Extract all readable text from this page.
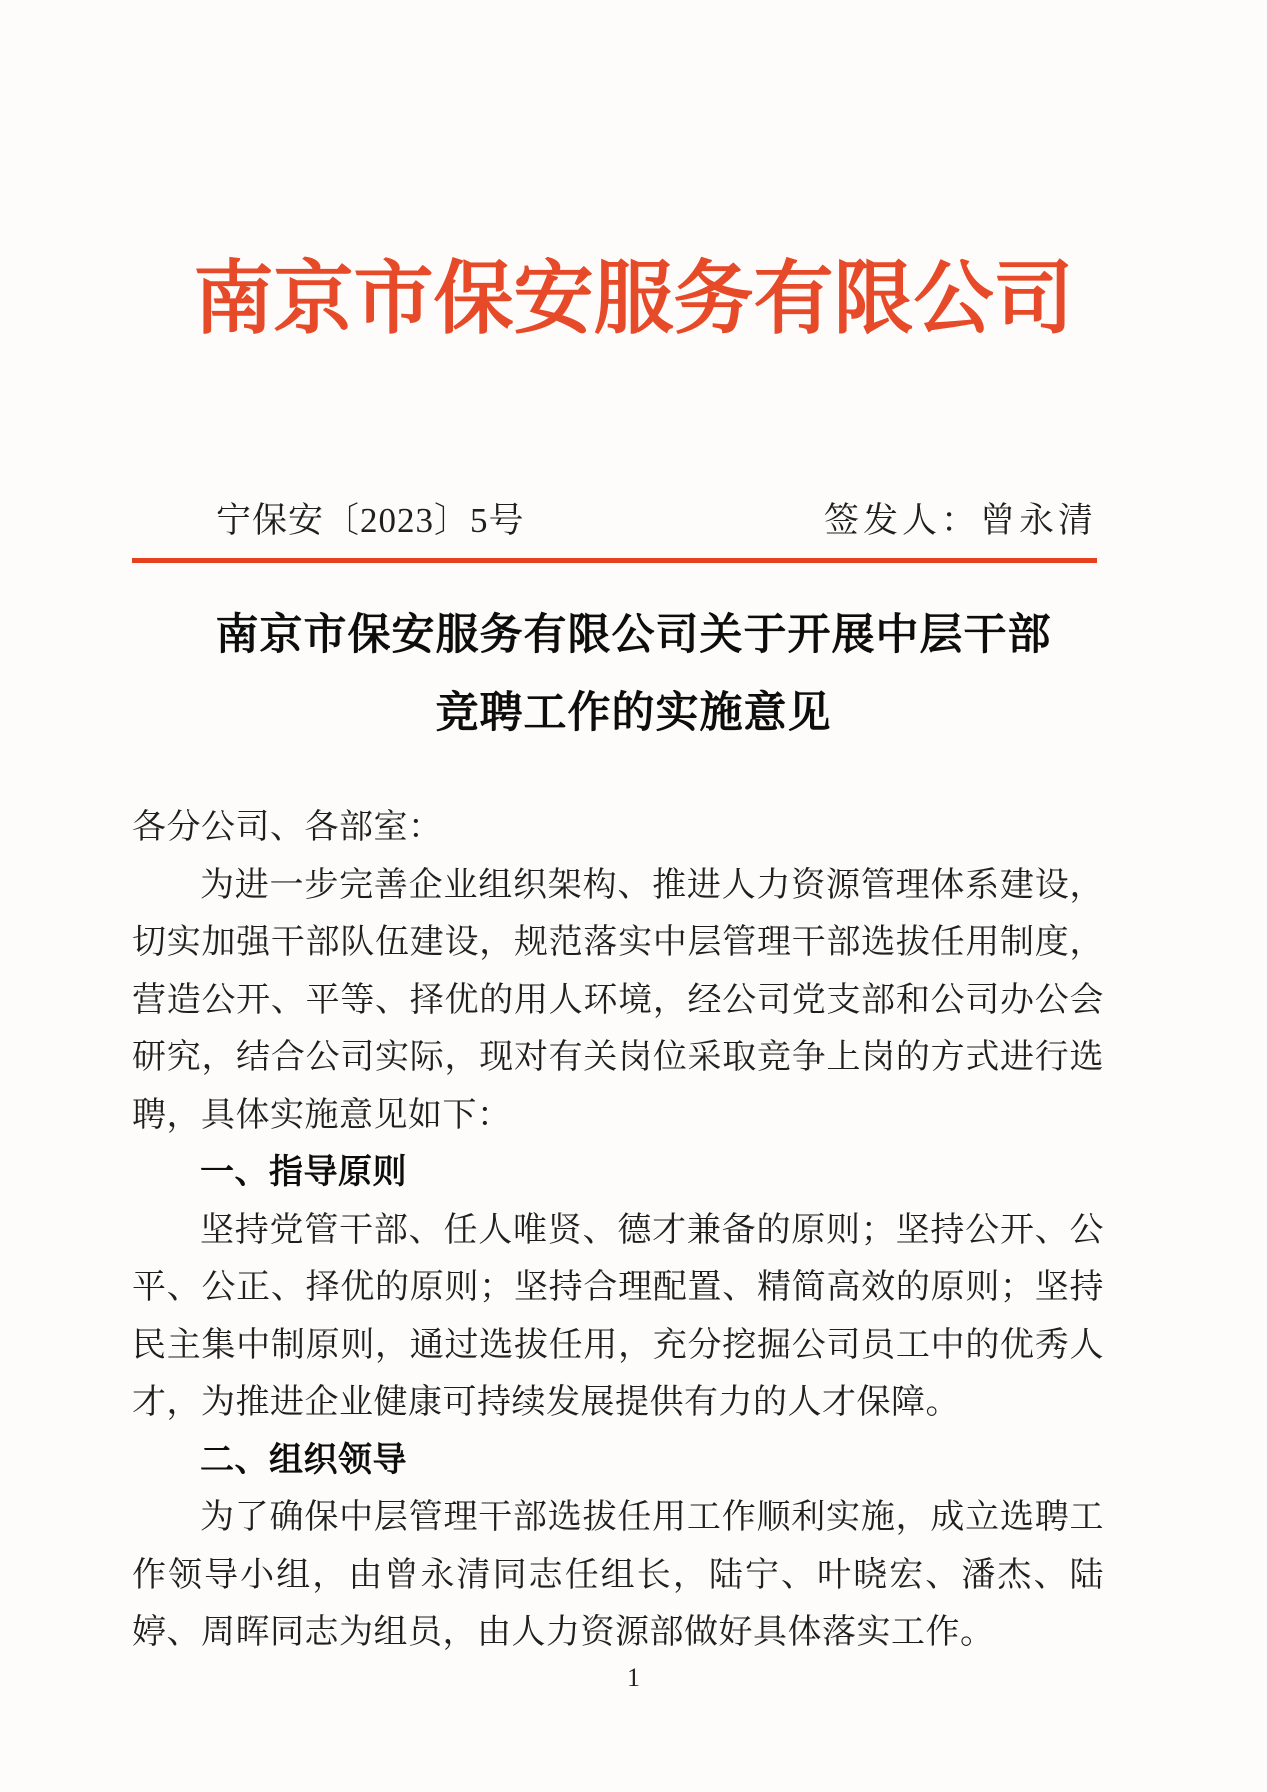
南京市保安服务有限公司
宁保安〔2023〕5号	签发人：曾永清
南京市保安服务有限公司关于开展中层干部
竞聘工作的实施意见

各分公司、各部室：

为进一步完善企业组织架构、推进人力资源管理体系建设，切实加强干部队伍建设，规范落实中层管理干部选拔任用制度，营造公开、平等、择优的用人环境，经公司党支部和公司办公会研究，结合公司实际，现对有关岗位采取竞争上岗的方式进行选聘，具体实施意见如下：

一、指导原则

坚持党管干部、任人唯贤、德才兼备的原则；坚持公开、公平、公正、择优的原则；坚持合理配置、精简高效的原则；坚持民主集中制原则，通过选拔任用，充分挖掘公司员工中的优秀人才，为推进企业健康可持续发展提供有力的人才保障。

二、组织领导

为了确保中层管理干部选拔任用工作顺利实施，成立选聘工作领导小组，由曾永清同志任组长，陆宁、叶晓宏、潘杰、陆婷、周晖同志为组员，由人力资源部做好具体落实工作。

1
